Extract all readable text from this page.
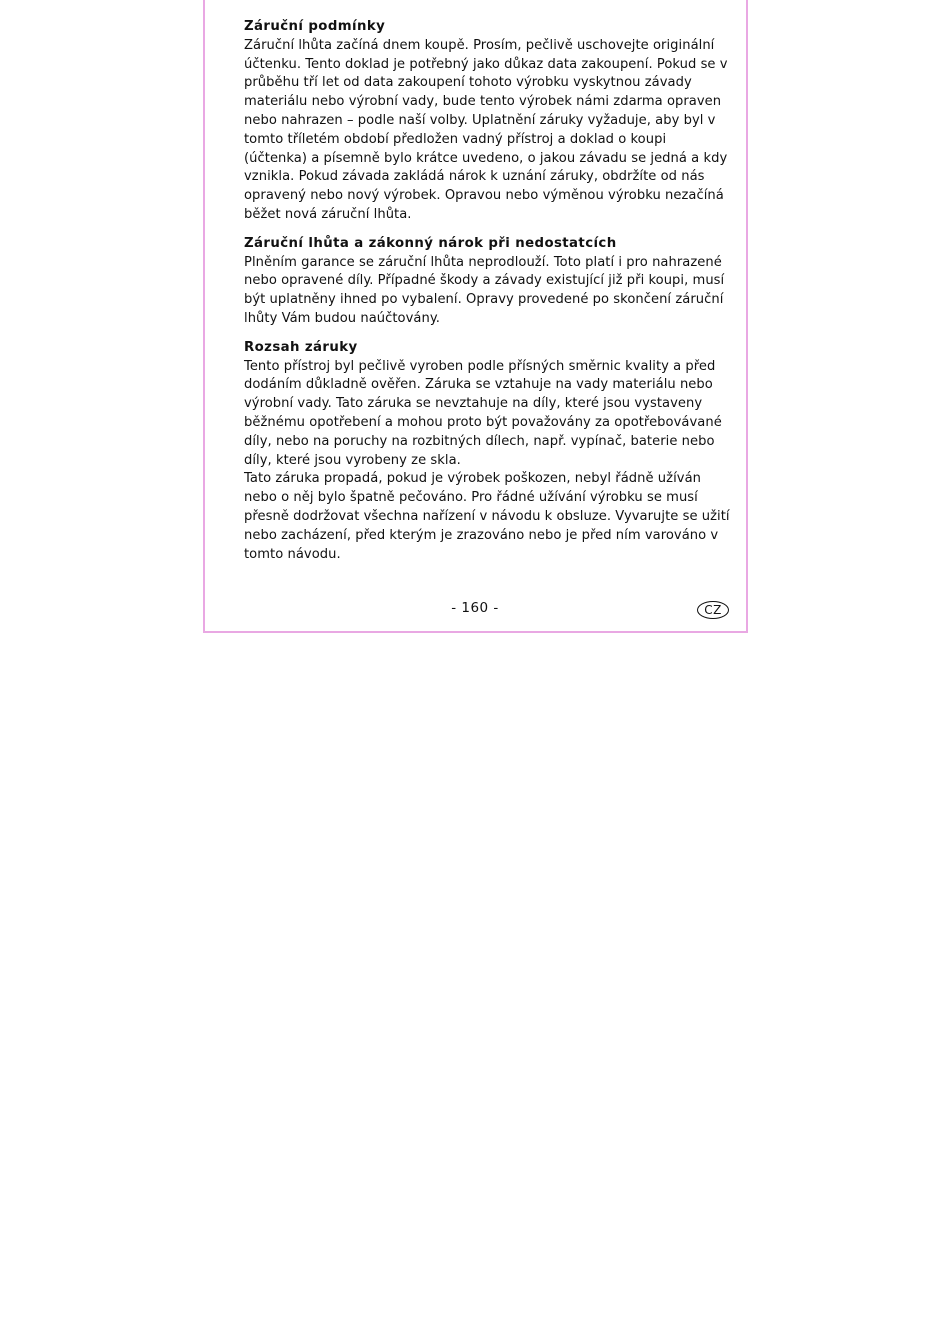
Záruční podmínky

Záruční lhůta začíná dnem koupě. Prosím, pečlivě uschovejte originální účtenku. Tento doklad je potřebný jako důkaz data zakoupení. Pokud se v průběhu tří let od data zakoupení tohoto výrobku vyskytnou závady materiálu nebo výrobní vady, bude tento výrobek námi zdarma opraven nebo nahrazen – podle naší volby. Uplatnění záruky vyžaduje, aby byl v tomto tříletém období předložen vadný přístroj a doklad o koupi (účtenka) a písemně bylo krátce uvedeno, o jakou závadu se jedná a kdy vznikla. Pokud závada zakládá nárok k uznání záruky, obdržíte od nás opravený nebo nový výrobek. Opravou nebo výměnou výrobku nezačíná běžet nová záruční lhůta.

Záruční lhůta a zákonný nárok při nedostatcích

Plněním garance se záruční lhůta neprodlouží. Toto platí i pro nahrazené nebo opravené díly. Případné škody a závady existující již při koupi, musí být uplatněny ihned po vybalení. Opravy provedené po skončení záruční lhůty Vám budou naúčtovány.

Rozsah záruky

Tento přístroj byl pečlivě vyroben podle přísných směrnic kvality a před dodáním důkladně ověřen. Záruka se vztahuje na vady materiálu nebo výrobní vady. Tato záruka se nevztahuje na díly, které jsou vystaveny běžnému opotřebení a mohou proto být považovány za opotřebovávané díly, nebo na poruchy na rozbitných dílech, např. vypínač, baterie nebo díly, které jsou vyrobeny ze skla.

Tato záruka propadá, pokud je výrobek poškozen, nebyl řádně užíván nebo o něj bylo špatně pečováno. Pro řádné užívání výrobku se musí přesně dodržovat všechna nařízení v návodu k obsluze. Vyvarujte se užití nebo zacházení, před kterým je zrazováno nebo je před ním varováno v tomto návodu.

- 160 -	CZ
